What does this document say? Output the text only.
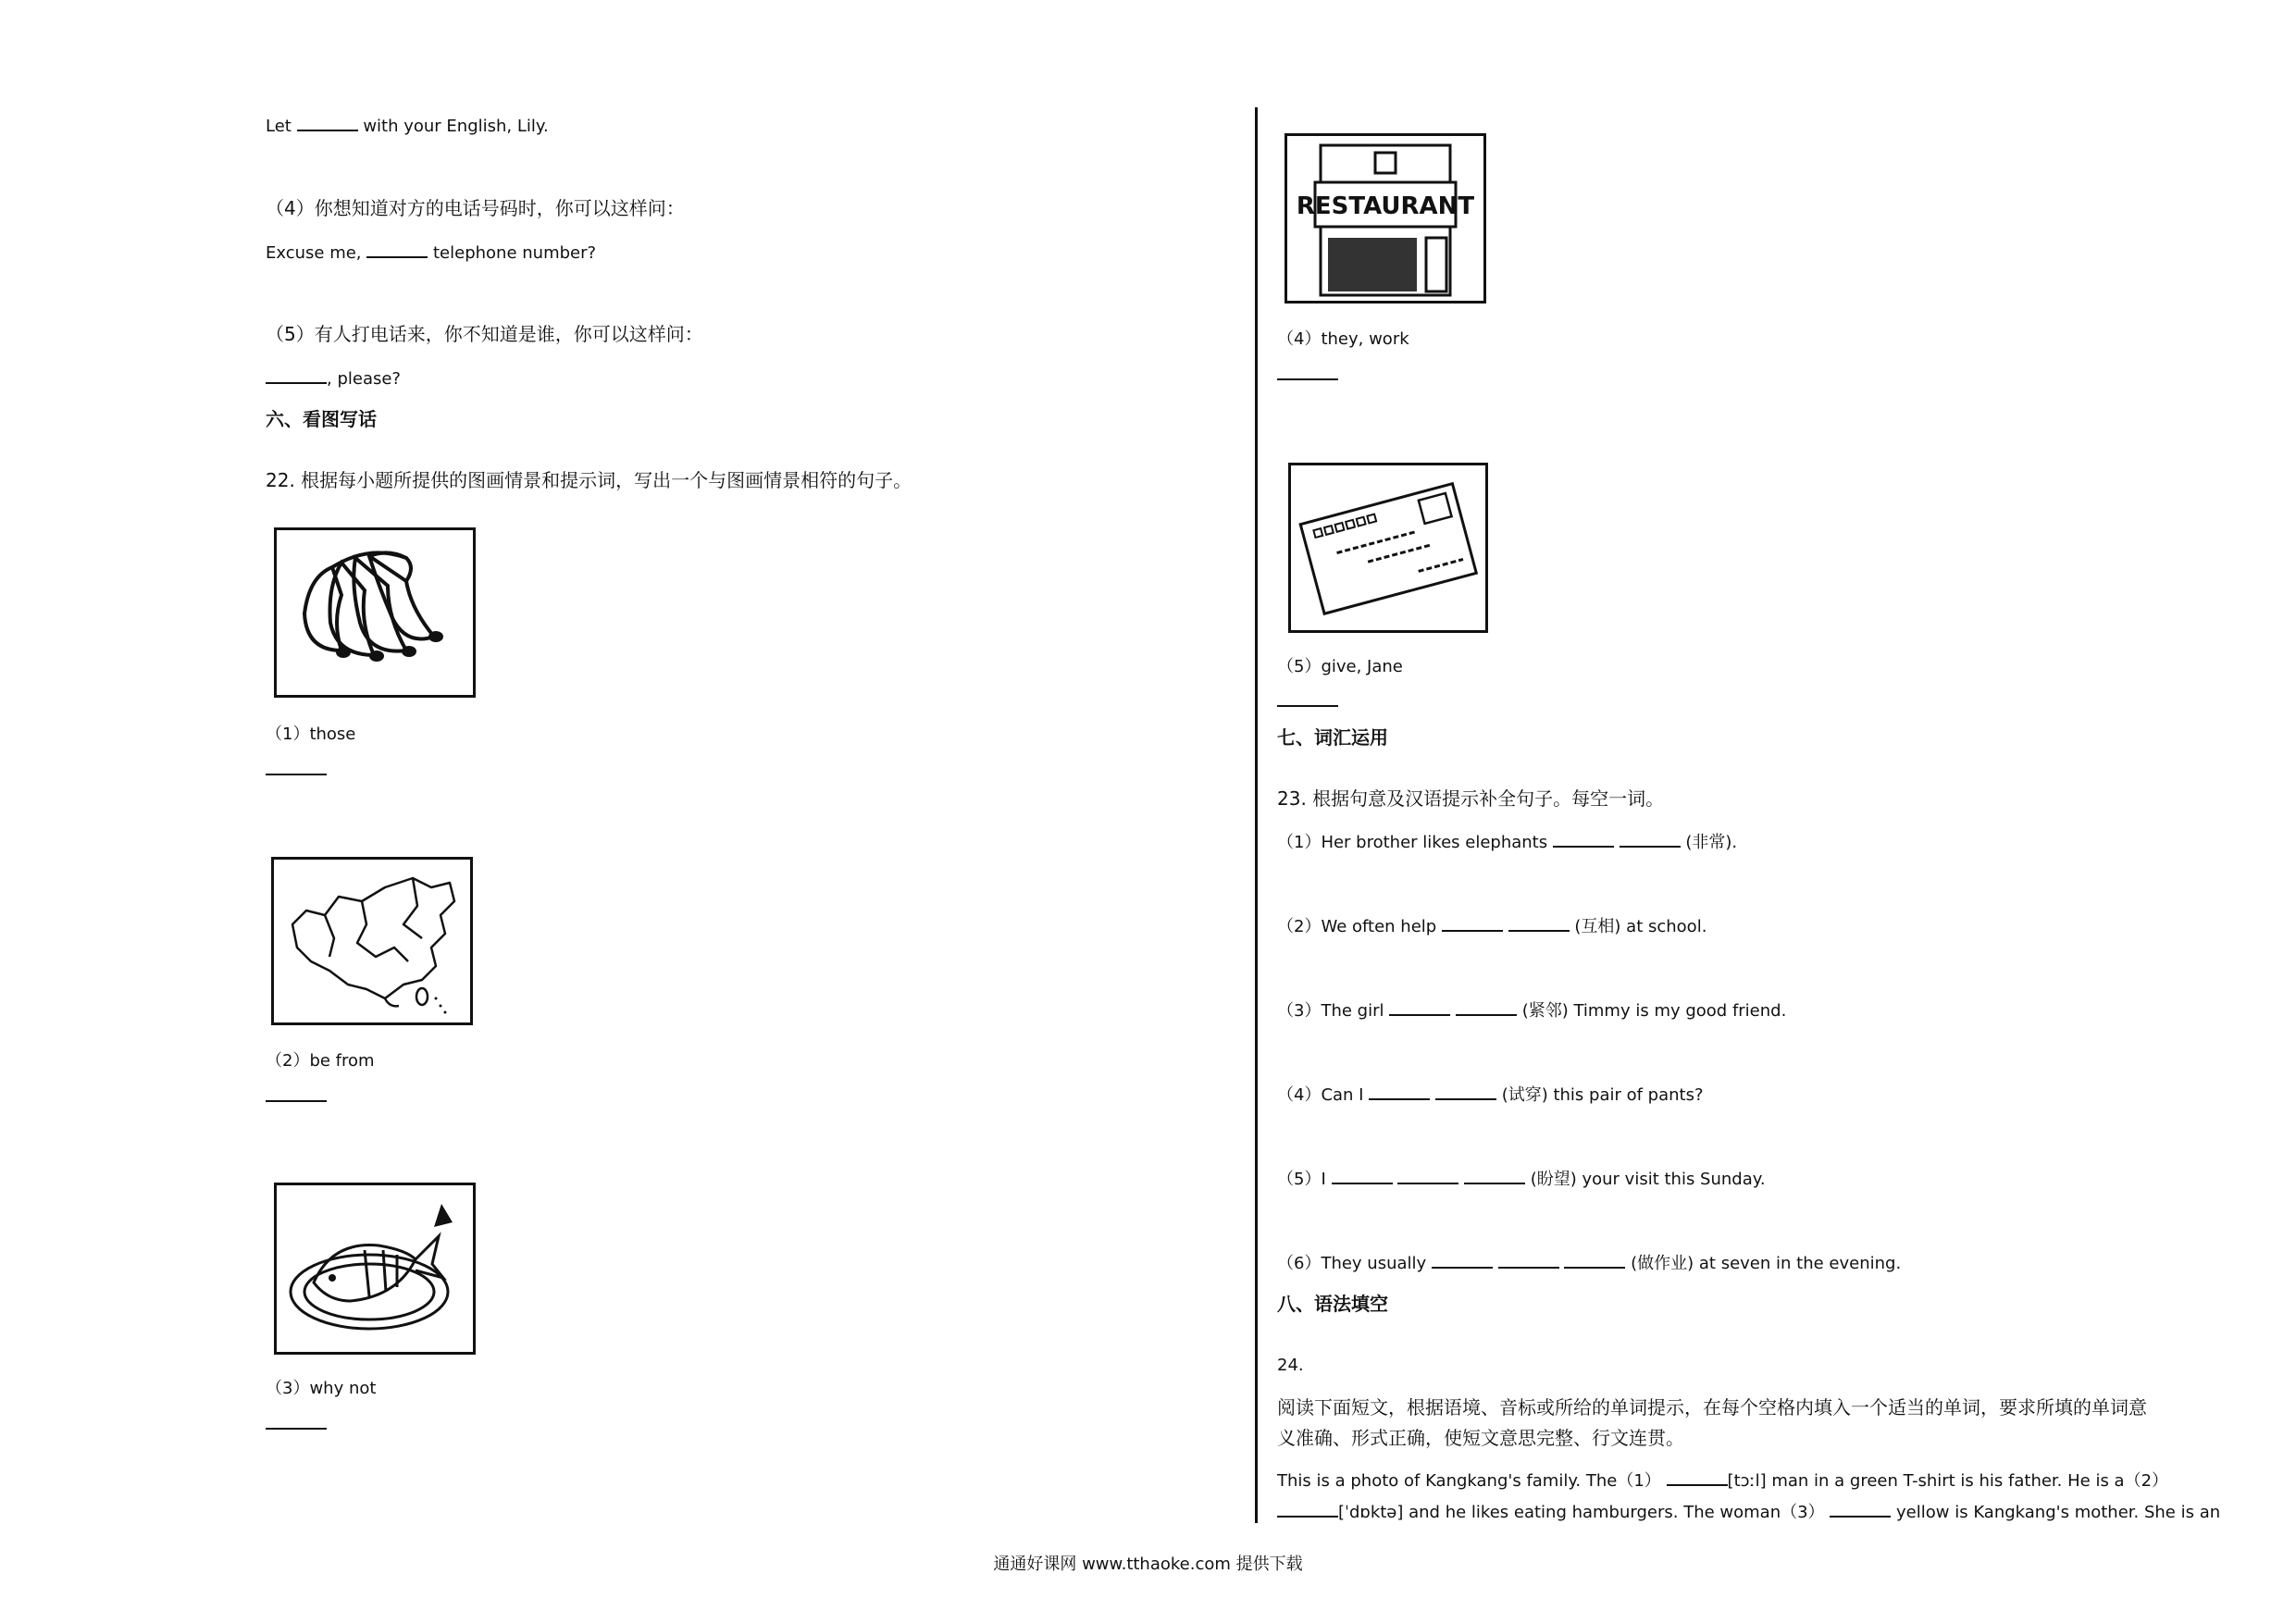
Let	with your English, Lily.
（4）你想知道对方的电话号码时，你可以这样问：
Excuse me,	telephone number?
（5）有人打电话来，你不知道是谁，你可以这样问：
, please?
六、看图写话
22. 根据每小题所提供的图画情景和提示词，写出一个与图画情景相符的句子。
（1）those
（2）be from
（3）why not
RESTAURANT
（4）they, work
（5）give, Jane
七、词汇运用
23. 根据句意及汉语提示补全句子。每空一词。
（1）Her brother likes elephants	(非常).
（2）We often help	(互相) at school.
（3）The girl	(紧邻) Timmy is my good friend.
（4）Can I	(试穿) this pair of pants?
（5）I	(盼望) your visit this Sunday.
（6）They usually	(做作业) at seven in the evening.
八、语法填空
24.
阅读下面短文，根据语境、音标或所给的单词提示，在每个空格内填入一个适当的单词，要求所填的单词意
义准确、形式正确，使短文意思完整、行文连贯。
This is a photo of Kangkang's family. The（1）	[tɔːl] man in a green T-shirt is his father. He is a（2）
[ˈdɒktə] and he likes eating hamburgers. The woman（3）	yellow is Kangkang's mother. She is an
通通好课网 www.tthaoke.com 提供下载
